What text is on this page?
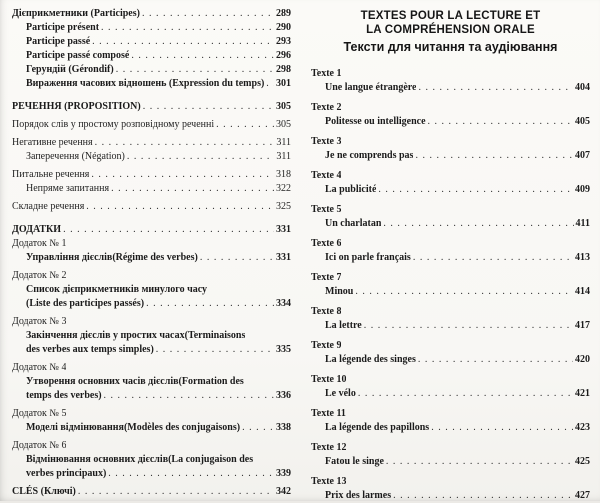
Дієприкметники (Participes) . . .	289
Participe présent . . .	290
Participe passé . . .	293
Participe passé composé . . .	296
Герундій (Gérondif) . . .	298
Вираження часових відношень (Expression du temps) . . . 301
РЕЧЕННЯ (PROPOSITION) . . .	305
Порядок слів у простому розповідному реченні . . .	305
Негативне речення . . .	311
Заперечення (Négation) . . .	311
Питальне речення . . .	318
Непряме запитання . . .	322
Складне речення . . .	325
ДОДАТКИ . . .	331
Додаток № 1
Управління дієслів(Régime des verbes) . . .	331
Додаток № 2
Список дієприкметників минулого часу
(Liste des participes passés) . . .	334
Додаток № 3
Закінчення дієслів у простих часах(Terminaisons
des verbes aux temps simples) . . .	335
Додаток № 4
Утворення основних часів дієслів(Formation des
temps des verbes) . . .	336
Додаток № 5
Моделі відмінювання(Modèles des conjugaisons) . . .	338
Додаток № 6
Відмінювання основних дієслів(La conjugaison des
verbes principaux) . . .	339
CLÉS (Ключі) . . .	342
TEXTES POUR LA LECTURE ET
LA COMPRÉHENSION ORALE
Тексти для читання та аудіювання
Texte 1
Une langue étrangère . . .	404
Texte 2
Politesse ou intelligence . . .	405
Texte 3
Je ne comprends pas . . .	407
Texte 4
La publicité . . .	409
Texte 5
Un charlatan . . .	411
Texte 6
Ici on parle français . . .	413
Texte 7
Minou . . .	414
Texte 8
La lettre . . .	417
Texte 9
La légende des singes . . .	420
Texte 10
Le vélo . . .	421
Texte 11
La légende des papillons . . .	423
Texte 12
Fatou le singe . . .	425
Texte 13
Prix des larmes . . .	427
